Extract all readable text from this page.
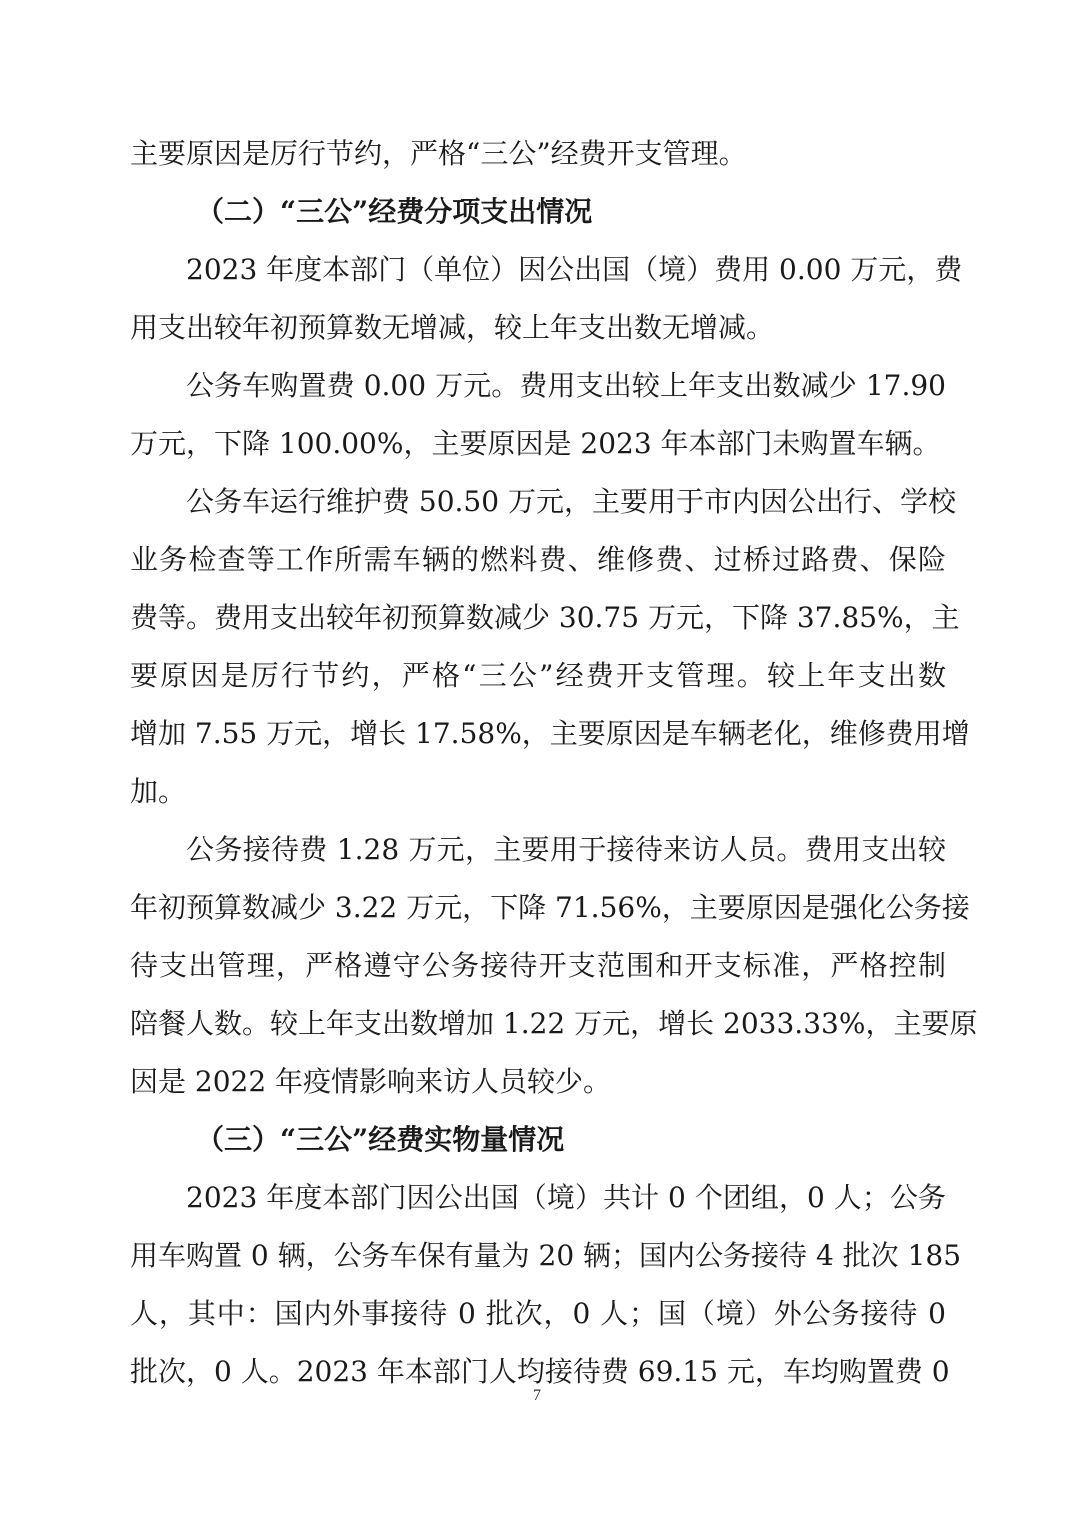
主要原因是厉行节约，严格“三公”经费开支管理。
（二）“三公”经费分项支出情况
2023 年度本部门（单位）因公出国（境）费用 0.00 万元，费
用支出较年初预算数无增减，较上年支出数无增减。
公务车购置费 0.00 万元。费用支出较上年支出数减少 17.90
万元，下降 100.00%，主要原因是 2023 年本部门未购置车辆。
公务车运行维护费 50.50 万元，主要用于市内因公出行、学校
业务检查等工作所需车辆的燃料费、维修费、过桥过路费、保险
费等。费用支出较年初预算数减少 30.75 万元，下降 37.85%，主
要原因是厉行节约，严格“三公”经费开支管理。较上年支出数
增加 7.55 万元，增长 17.58%，主要原因是车辆老化，维修费用增
加。
公务接待费 1.28 万元，主要用于接待来访人员。费用支出较
年初预算数减少 3.22 万元，下降 71.56%，主要原因是强化公务接
待支出管理，严格遵守公务接待开支范围和开支标准，严格控制
陪餐人数。较上年支出数增加 1.22 万元，增长 2033.33%，主要原
因是 2022 年疫情影响来访人员较少。
（三）“三公”经费实物量情况
2023 年度本部门因公出国（境）共计 0 个团组，0 人；公务
用车购置 0 辆，公务车保有量为 20 辆；国内公务接待 4 批次 185
人，其中：国内外事接待 0 批次，0 人；国（境）外公务接待 0
批次，0 人。2023 年本部门人均接待费 69.15 元，车均购置费 0
7
